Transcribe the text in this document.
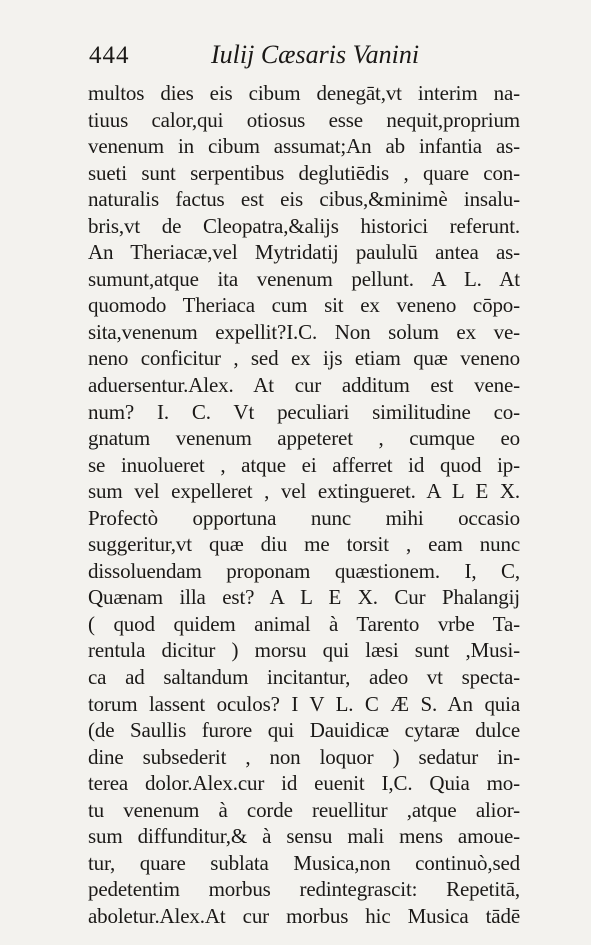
444	Iulij Cæsaris Vanini
multos dies eis cibum denegāt,vt interim na-
tiuus calor,qui otiosus esse nequit,proprium
venenum in cibum assumat;An ab infantia as-
sueti sunt serpentibus deglutiēdis , quare con-
naturalis factus est eis cibus,&minimè insalu-
bris,vt de Cleopatra,&alijs historici referunt.
An Theriacæ,vel Mytridatij paululū antea as-
sumunt,atque ita venenum pellunt. A L. At
quomodo Theriaca cum sit ex veneno cōpo-
sita,venenum expellit?I.C. Non solum ex ve-
neno conficitur , sed ex ijs etiam quæ veneno
aduersentur.Alex. At cur additum est vene-
num? I. C. Vt peculiari similitudine co-
gnatum venenum appeteret , cumque eo
se inuolueret , atque ei afferret id quod ip-
sum vel expelleret , vel extingueret. A L E X.
Profectò opportuna nunc mihi occasio
suggeritur,vt quæ diu me torsit , eam nunc
dissoluendam proponam quæstionem. I, C,
Quænam illa est? A L E X. Cur Phalangij
( quod quidem animal à Tarento vrbe Ta-
rentula dicitur ) morsu qui læsi sunt ,Musi-
ca ad saltandum incitantur, adeo vt specta-
torum lassent oculos? I V L. C Æ S. An quia
(de Saullis furore qui Dauidicæ cytaræ dulce
dine subsederit , non loquor ) sedatur in-
terea dolor.Alex.cur id euenit I,C. Quia mo-
tu venenum à corde reuellitur ,atque alior-
sum diffunditur,& à sensu mali mens amoue-
tur, quare sublata Musica,non continuò,sed
pedetentim morbus redintegrascit: Repetitā,
aboletur.Alex.At cur morbus hic Musica tādē
